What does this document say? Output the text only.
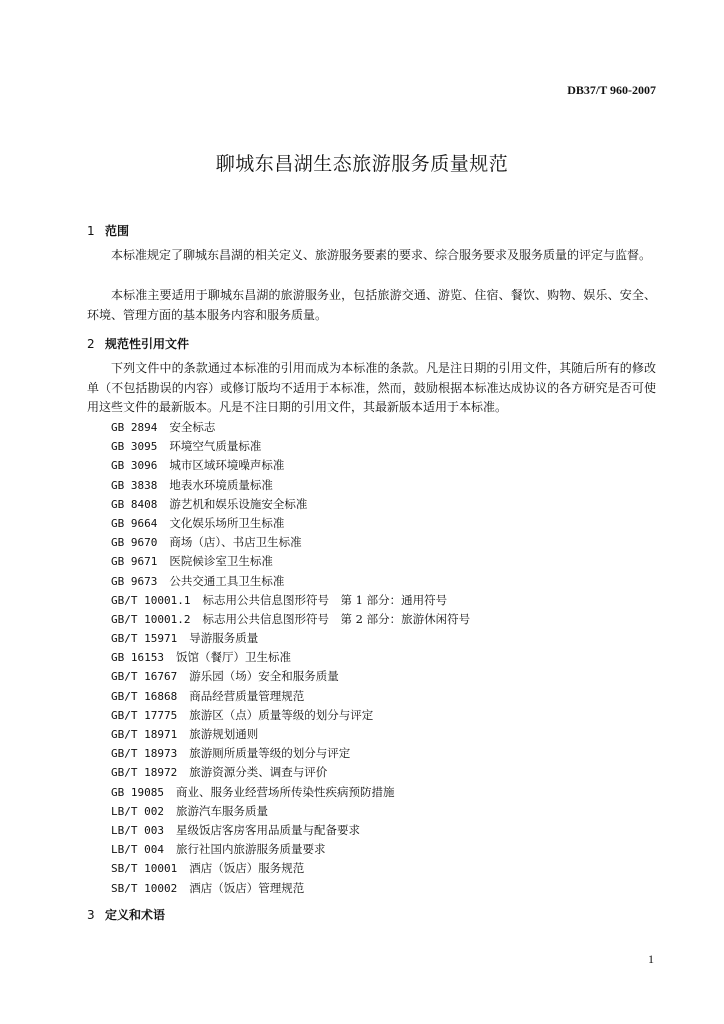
DB37/T 960-2007
聊城东昌湖生态旅游服务质量规范
1 范围

本标准规定了聊城东昌湖的相关定义、旅游服务要素的要求、综合服务要求及服务质量的评定与监督。

本标准主要适用于聊城东昌湖的旅游服务业，包括旅游交通、游览、住宿、餐饮、购物、娱乐、安全、环境、管理方面的基本服务内容和服务质量。

2 规范性引用文件

下列文件中的条款通过本标准的引用而成为本标准的条款。凡是注日期的引用文件，其随后所有的修改单（不包括勘误的内容）或修订版均不适用于本标准，然而，鼓励根据本标准达成协议的各方研究是否可使用这些文件的最新版本。凡是不注日期的引用文件，其最新版本适用于本标准。

GB 2894 安全标志
GB 3095 环境空气质量标准
GB 3096 城市区域环境噪声标准
GB 3838 地表水环境质量标准
GB 8408 游艺机和娱乐设施安全标准
GB 9664 文化娱乐场所卫生标准
GB 9670 商场（店）、书店卫生标准
GB 9671 医院候诊室卫生标准
GB 9673 公共交通工具卫生标准
GB/T 10001.1 标志用公共信息图形符号　第 1 部分：通用符号
GB/T 10001.2 标志用公共信息图形符号　第 2 部分：旅游休闲符号
GB/T 15971 导游服务质量
GB 16153 饭馆（餐厅）卫生标准
GB/T 16767 游乐园（场）安全和服务质量
GB/T 16868 商品经营质量管理规范
GB/T 17775 旅游区（点）质量等级的划分与评定
GB/T 18971 旅游规划通则
GB/T 18973 旅游厕所质量等级的划分与评定
GB/T 18972 旅游资源分类、调查与评价
GB 19085 商业、服务业经营场所传染性疾病预防措施
LB/T 002 旅游汽车服务质量
LB/T 003 星级饭店客房客用品质量与配备要求
LB/T 004 旅行社国内旅游服务质量要求
SB/T 10001 酒店（饭店）服务规范
SB/T 10002 酒店（饭店）管理规范
3 定义和术语
1
